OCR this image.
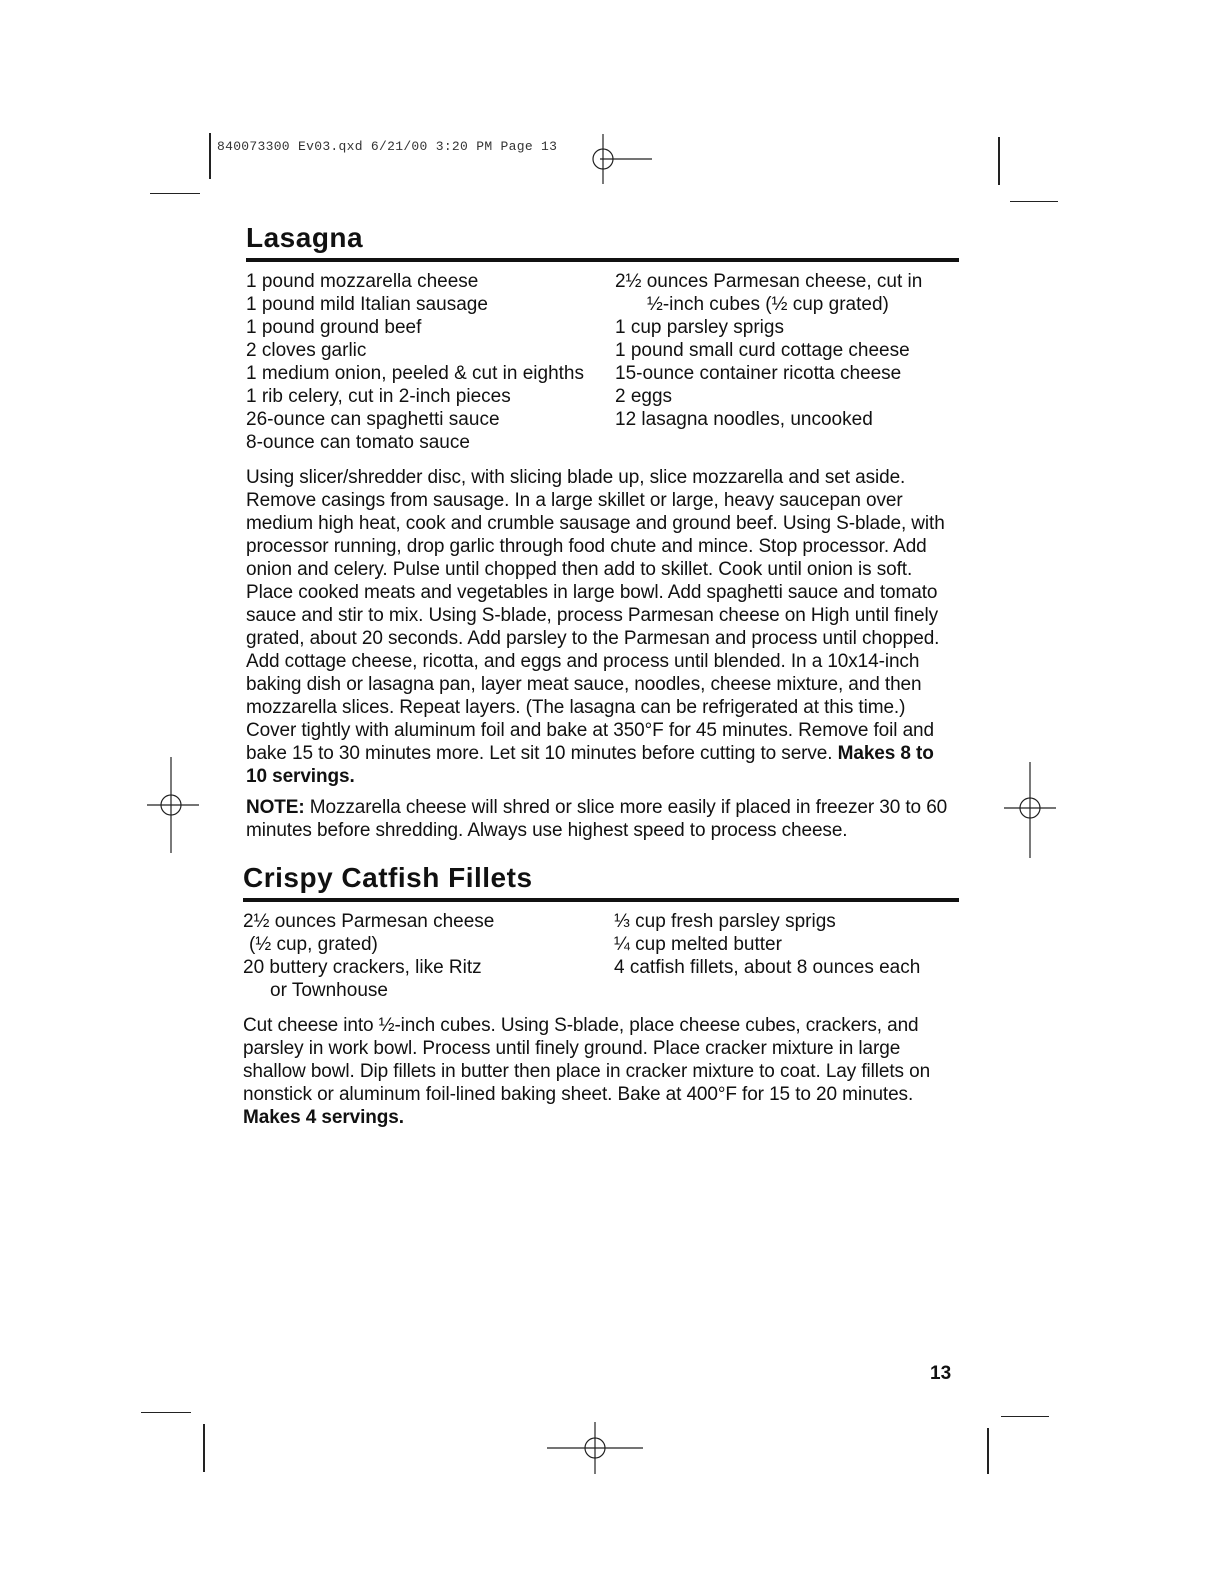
840073300 Ev03.qxd 6/21/00 3:20 PM Page 13
Lasagna
1 pound mozzarella cheese
1 pound mild Italian sausage
1 pound ground beef
2 cloves garlic
1 medium onion, peeled & cut in eighths
1 rib celery, cut in 2-inch pieces
26-ounce can spaghetti sauce
8-ounce can tomato sauce
2½ ounces Parmesan cheese, cut in
½-inch cubes (½ cup grated)
1 cup parsley sprigs
1 pound small curd cottage cheese
15-ounce container ricotta cheese
2 eggs
12 lasagna noodles, uncooked

Using slicer/shredder disc, with slicing blade up, slice mozzarella and set aside. Remove casings from sausage. In a large skillet or large, heavy saucepan over medium high heat, cook and crumble sausage and ground beef. Using S-blade, with processor running, drop garlic through food chute and mince. Stop processor. Add onion and celery. Pulse until chopped then add to skillet. Cook until onion is soft. Place cooked meats and vegetables in large bowl. Add spaghetti sauce and tomato sauce and stir to mix. Using S-blade, process Parmesan cheese on High until finely grated, about 20 seconds. Add parsley to the Parmesan and process until chopped. Add cottage cheese, ricotta, and eggs and process until blended. In a 10x14-inch baking dish or lasagna pan, layer meat sauce, noodles, cheese mixture, and then mozzarella slices. Repeat layers. (The lasagna can be refrigerated at this time.) Cover tightly with aluminum foil and bake at 350°F for 45 minutes. Remove foil and bake 15 to 30 minutes more. Let sit 10 minutes before cutting to serve. Makes 8 to 10 servings.

NOTE: Mozzarella cheese will shred or slice more easily if placed in freezer 30 to 60 minutes before shredding. Always use highest speed to process cheese.

Crispy Catfish Fillets
2½ ounces Parmesan cheese
(½ cup, grated)
20 buttery crackers, like Ritz
or Townhouse
⅓ cup fresh parsley sprigs
¼ cup melted butter
4 catfish fillets, about 8 ounces each

Cut cheese into ½-inch cubes. Using S-blade, place cheese cubes, crackers, and parsley in work bowl. Process until finely ground. Place cracker mixture in large shallow bowl. Dip fillets in butter then place in cracker mixture to coat. Lay fillets on nonstick or aluminum foil-lined baking sheet. Bake at 400°F for 15 to 20 minutes. Makes 4 servings.

13
